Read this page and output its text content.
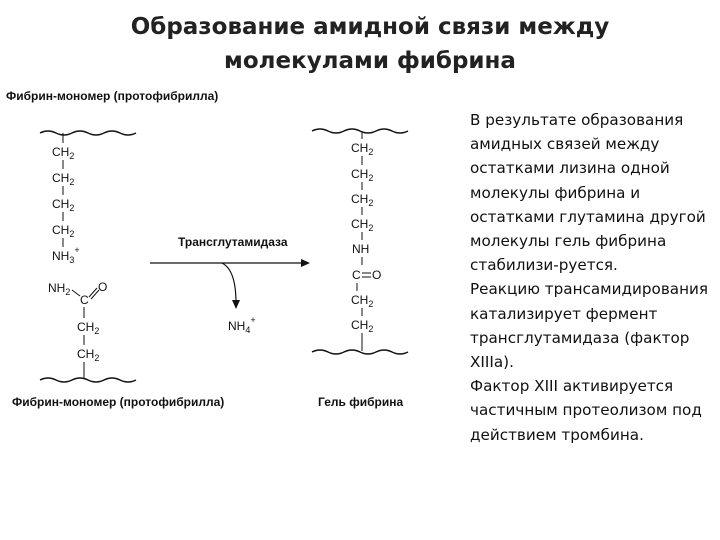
Образование амидной связи между
молекулами фибрина
Фибрин-мономер (протофибрилла)
$CH_2$
$CH_2$
$CH_2$
$CH_2$
$NH_3^+$
$NH_2$
C
O
$CH_2$
$CH_2$
Фибрин-мономер (протофибрилла)
Трансглутамидаза
$NH_4^+$
$CH_2$
$CH_2$
$CH_2$
$CH_2$
NH
C O
$CH_2$
$CH_2$
Гель фибрина

В результате образования амидных связей между остатками лизина одной молекулы фибрина и остатками глутамина другой молекулы гель фибрина стабилизи-руется.

Реакцию трансамидирования катализирует фермент трансглутамидаза (фактор XIIIa).

Фактор XIII активируется частичным протеолизом под действием тромбина.
